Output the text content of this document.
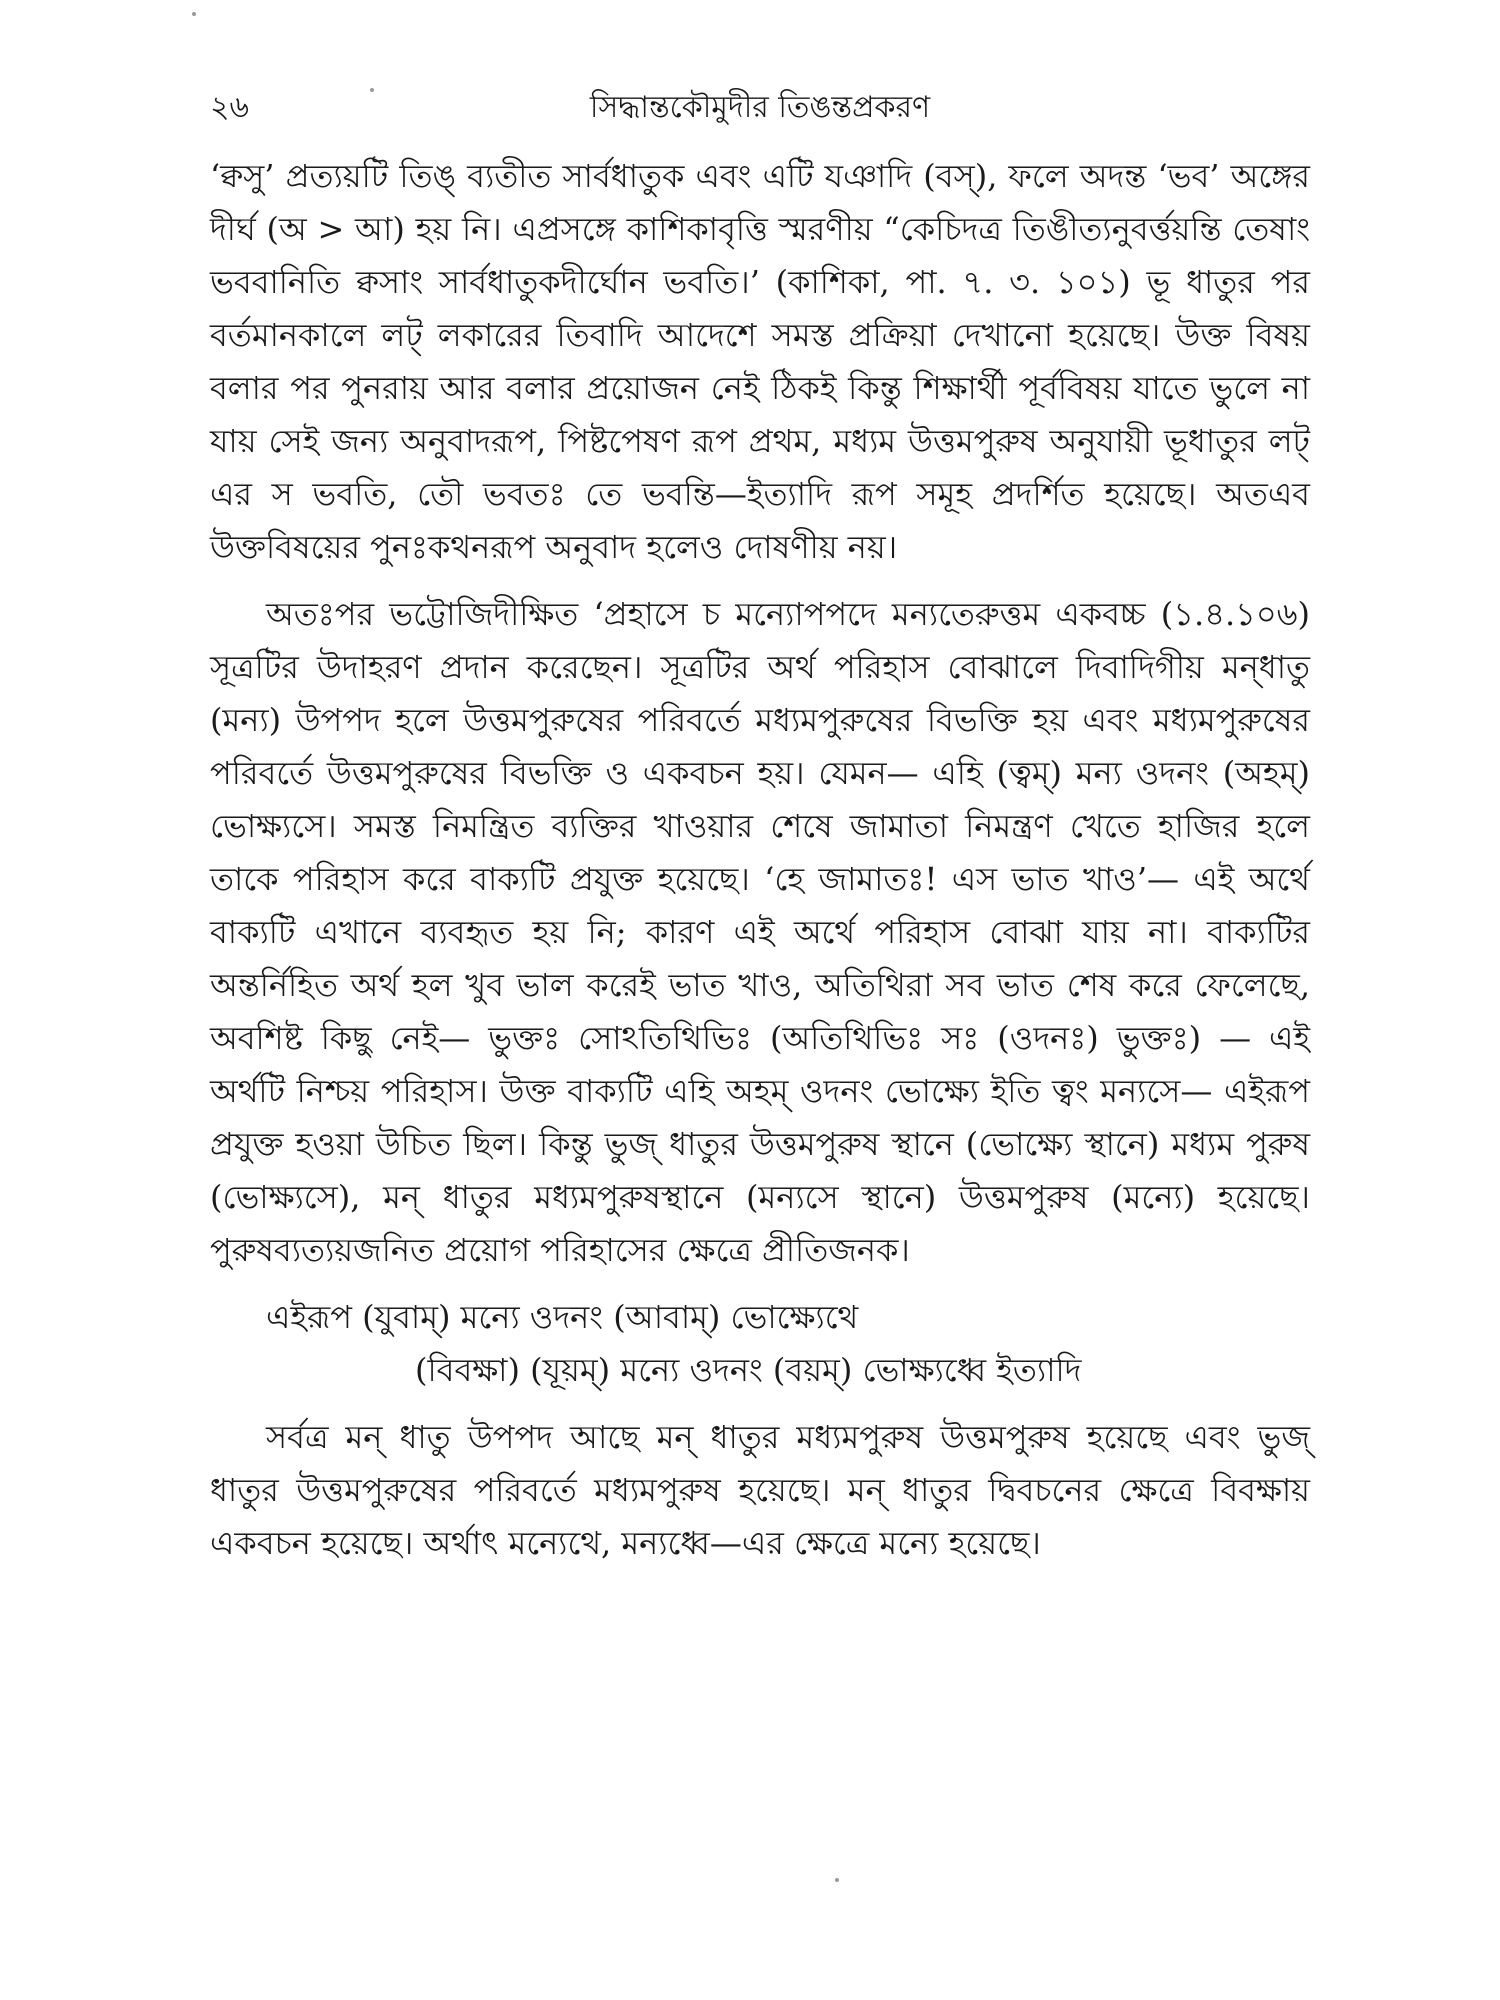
২৬	সিদ্ধান্তকৌমুদীর তিঙন্তপ্রকরণ

‘ক্বসু’ প্রত্যয়টি তিঙ্ ব্যতীত সার্বধাতুক এবং এটি যঞাদি (বস্), ফলে অদন্ত ‘ভব’ অঙ্গের দীর্ঘ (অ > আ) হয় নি। এপ্রসঙ্গে কাশিকাবৃত্তি স্মরণীয় “কেচিদত্র তিঙীত্যনুবর্ত্তয়ন্তি তেষাং ভববানিতি ক্বসাং সার্বধাতুকদীর্ঘোন ভবতি।’ (কাশিকা, পা. ৭. ৩. ১০১) ভূ ধাতুর পর বর্তমানকালে লট্ লকারের তিবাদি আদেশে সমস্ত প্রক্রিয়া দেখানো হয়েছে। উক্ত বিষয় বলার পর পুনরায় আর বলার প্রয়োজন নেই ঠিকই কিন্তু শিক্ষার্থী পূর্ববিষয় যাতে ভুলে না যায় সেই জন্য অনুবাদরূপ, পিষ্টপেষণ রূপ প্রথম, মধ্যম উত্তমপুরুষ অনুযায়ী ভূধাতুর লট্ এর স ভবতি, তৌ ভবতঃ তে ভবন্তি—ইত্যাদি রূপ সমূহ প্রদর্শিত হয়েছে। অতএব উক্তবিষয়ের পুনঃকথনরূপ অনুবাদ হলেও দোষণীয় নয়।

অতঃপর ভট্টোজিদীক্ষিত ‘প্রহাসে চ মন্যোপপদে মন্যতেরুত্তম একবচ্চ (১.৪.১০৬) সূত্রটির উদাহরণ প্রদান করেছেন। সূত্রটির অর্থ পরিহাস বোঝালে দিবাদিগীয় মন্‌ধাতু (মন্য) উপপদ হলে উত্তমপুরুষের পরিবর্তে মধ্যমপুরুষের বিভক্তি হয় এবং মধ্যমপুরুষের পরিবর্তে উত্তমপুরুষের বিভক্তি ও একবচন হয়। যেমন— এহি (ত্বম্) মন্য ওদনং (অহম্) ভোক্ষ্যসে। সমস্ত নিমন্ত্রিত ব্যক্তির খাওয়ার শেষে জামাতা নিমন্ত্রণ খেতে হাজির হলে তাকে পরিহাস করে বাক্যটি প্রযুক্ত হয়েছে। ‘হে জামাতঃ! এস ভাত খাও’— এই অর্থে বাক্যটি এখানে ব্যবহৃত হয় নি; কারণ এই অর্থে পরিহাস বোঝা যায় না। বাক্যটির অন্তর্নিহিত অর্থ হল খুব ভাল করেই ভাত খাও, অতিথিরা সব ভাত শেষ করে ফেলেছে, অবশিষ্ট কিছু নেই— ভুক্তঃ সোঽতিথিভিঃ (অতিথিভিঃ সঃ (ওদনঃ) ভুক্তঃ) — এই অর্থটি নিশ্চয় পরিহাস। উক্ত বাক্যটি এহি অহম্ ওদনং ভোক্ষ্যে ইতি ত্বং মন্যসে— এইরূপ প্রযুক্ত হওয়া উচিত ছিল। কিন্তু ভুজ্ ধাতুর উত্তমপুরুষ স্থানে (ভোক্ষ্যে স্থানে) মধ্যম পুরুষ (ভোক্ষ্যসে), মন্ ধাতুর মধ্যমপুরুষস্থানে (মন্যসে স্থানে) উত্তমপুরুষ (মন্যে) হয়েছে। পুরুষব্যত্যয়জনিত প্রয়োগ পরিহাসের ক্ষেত্রে প্রীতিজনক।

এইরূপ (যুবাম্) মন্যে ওদনং (আবাম্) ভোক্ষ্যেথে
(বিবক্ষা) (যূয়ম্) মন্যে ওদনং (বয়ম্) ভোক্ষ্যধ্বে ইত্যাদি

সর্বত্র মন্ ধাতু উপপদ আছে মন্ ধাতুর মধ্যমপুরুষ উত্তমপুরুষ হয়েছে এবং ভুজ্ ধাতুর উত্তমপুরুষের পরিবর্তে মধ্যমপুরুষ হয়েছে। মন্ ধাতুর দ্বিবচনের ক্ষেত্রে বিবক্ষায় একবচন হয়েছে। অর্থাৎ মন্যেথে, মন্যধ্বে—এর ক্ষেত্রে মন্যে হয়েছে।
